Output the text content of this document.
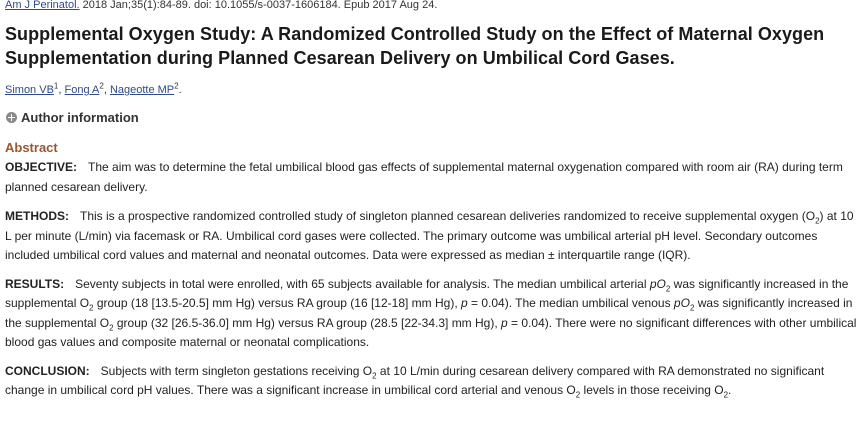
Am J Perinatol. 2018 Jan;35(1):84-89. doi: 10.1055/s-0037-1606184. Epub 2017 Aug 24.
Supplemental Oxygen Study: A Randomized Controlled Study on the Effect of Maternal Oxygen Supplementation during Planned Cesarean Delivery on Umbilical Cord Gases.
Simon $VB^1$, Fong $A^2$, Nageotte $MP^2$.
Author information
Abstract

OBJECTIVE: The aim was to determine the fetal umbilical blood gas effects of supplemental maternal oxygenation compared with room air (RA) during term planned cesarean delivery.

METHODS: This is a prospective randomized controlled study of singleton planned cesarean deliveries randomized to receive supplemental oxygen $(O_2)$ at 10 L per minute (L/min) via facemask or RA. Umbilical cord gases were collected. The primary outcome was umbilical arterial pH level. Secondary outcomes included umbilical cord values and maternal and neonatal outcomes. Data were expressed as median ± interquartile range (IQR).

RESULTS: Seventy subjects in total were enrolled, with 65 subjects available for analysis. The median umbilical arterial $pO_2$ was significantly increased in the supplemental $O_2$ group (18 [13.5-20.5] mm Hg) versus RA group (16 [12-18] mm Hg), p = 0.04). The median umbilical venous $pO_2$ was significantly increased in the supplemental $O_2$ group (32 [26.5-36.0] mm Hg) versus RA group (28.5 [22-34.3] mm Hg), p = 0.04). There were no significant differences with other umbilical blood gas values and composite maternal or neonatal complications.

CONCLUSION: Subjects with term singleton gestations receiving $O_2$ at 10 L/min during cesarean delivery compared with RA demonstrated no significant change in umbilical cord pH values. There was a significant increase in umbilical cord arterial and venous $O_2$ levels in those receiving $O_2$.
